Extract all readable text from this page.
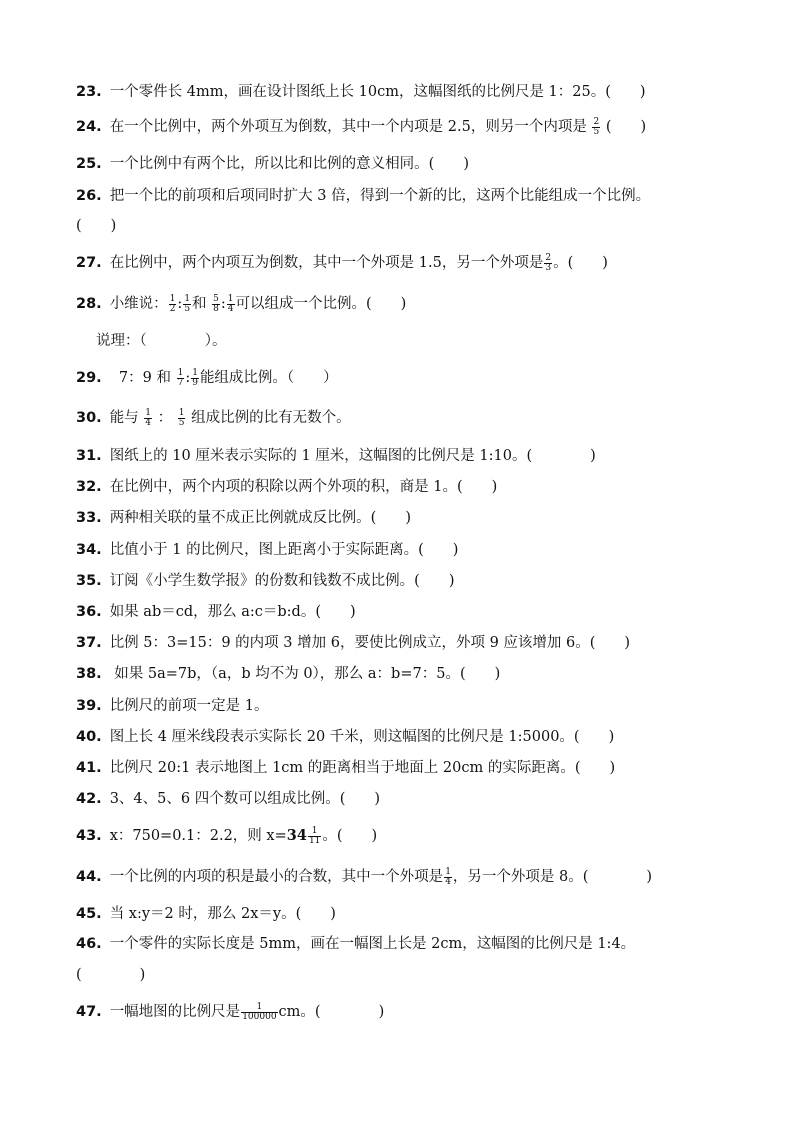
23. 一个零件长 4mm，画在设计图纸上长 10cm，这幅图纸的比例尺是 1：25。(　　)
24. 在一个比例中，两个外项互为倒数，其中一个内项是 2.5，则另一个内项是 $\frac{2}{5}$ (　　)
25. 一个比例中有两个比，所以比和比例的意义相同。(　　)
26. 把一个比的前项和后项同时扩大 3 倍，得到一个新的比，这两个比能组成一个比例。
(　　)
27. 在比例中，两个内项互为倒数，其中一个外项是 1.5，另一个外项是 $\frac{2}{3}$ 。(　　)
28. 小维说： $\frac{1}{2}$ : $\frac{1}{5}$ 和 $\frac{5}{8}$ : $\frac{1}{4}$ 可以组成一个比例。(　　)
说理：（　　　　）。
29. 7：9 和 $\frac{1}{7}$ : $\frac{1}{9}$ 能组成比例。（　　）
30. 能与 $\frac{1}{4}$ ： $\frac{1}{5}$ 组成比例的比有无数个。
31. 图纸上的 10 厘米表示实际的 1 厘米，这幅图的比例尺是 1:10。(　　　　)
32. 在比例中，两个内项的积除以两个外项的积，商是 1。(　　)
33. 两种相关联的量不成正比例就成反比例。(　　)
34. 比值小于 1 的比例尺，图上距离小于实际距离。(　　)
35. 订阅《小学生数学报》的份数和钱数不成比例。(　　)
36. 如果 ab＝cd，那么 a:c＝b:d。(　　)
37. 比例 5：3=15：9 的内项 3 增加 6，要使比例成立，外项 9 应该增加 6。(　　)
38. 如果 5a=7b，（a，b 均不为 0），那么 a：b=7：5。(　　)
39. 比例尺的前项一定是 1。
40. 图上长 4 厘米线段表示实际长 20 千米，则这幅图的比例尺是 1:5000。(　　)
41. 比例尺 20:1 表示地图上 1cm 的距离相当于地面上 20cm 的实际距离。(　　)
42. 3、4、5、6 四个数可以组成比例。(　　)
43. x：750=0.1：2.2，则 $x=34 \frac{1}{11}$ 。(　　)
44. 一个比例的内项的积是最小的合数，其中一个外项是 $\frac{1}{4}$ ，另一个外项是 8。(　　　　)
45. 当 x:y＝2 时，那么 2x＝y。(　　)
46. 一个零件的实际长度是 5mm，画在一幅图上长是 2cm，这幅图的比例尺是 1:4。
(　　　　)
47. 一幅地图的比例尺是 $\frac{1}{100000}$ cm。(　　　　)
